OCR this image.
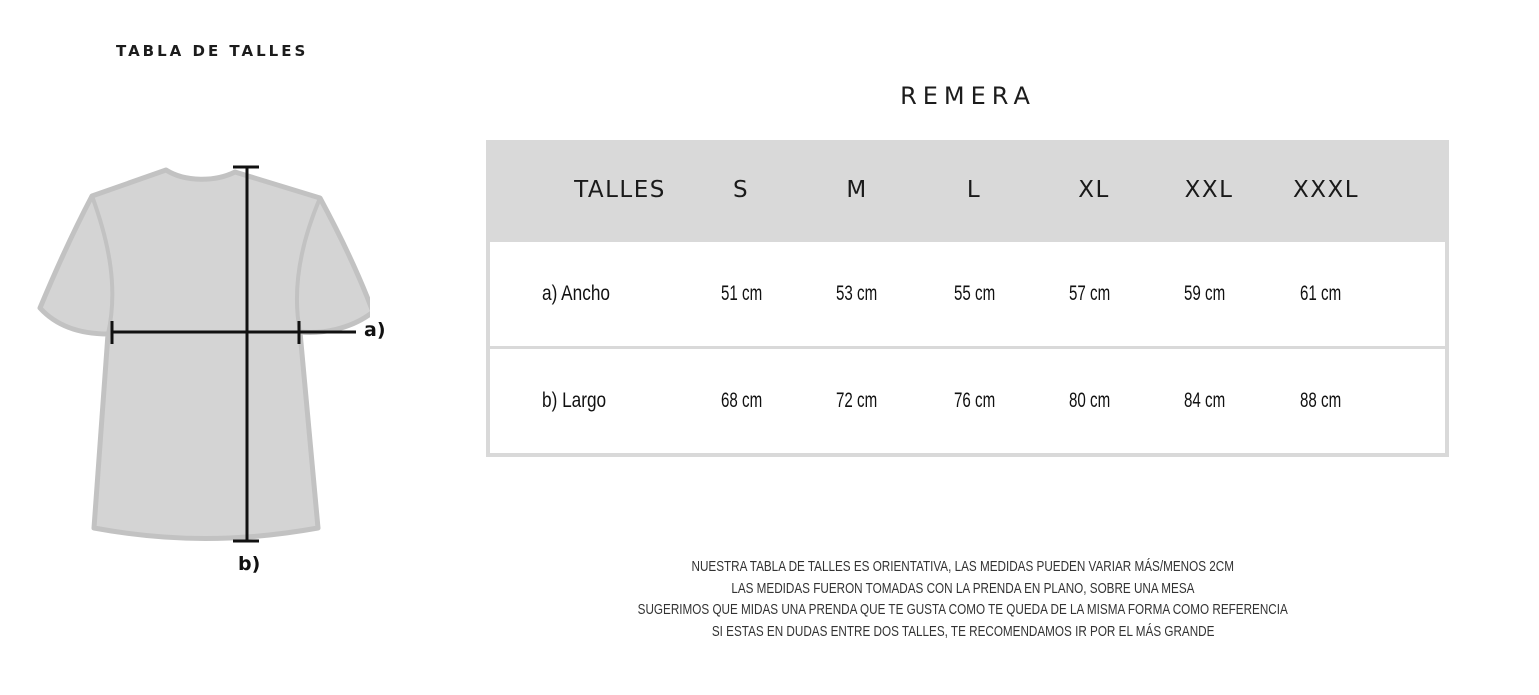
TABLA DE TALLES
a)
b)
REMERA
TALLES	S	M	L	XL	XXL	XXXL
a) Ancho	51 cm	53 cm	55 cm	57 cm	59 cm	61 cm
b) Largo	68 cm	72 cm	76 cm	80 cm	84 cm	88 cm
NUESTRA TABLA DE TALLES ES ORIENTATIVA, LAS MEDIDAS PUEDEN VARIAR MÁS/MENOS 2CM
LAS MEDIDAS FUERON TOMADAS CON LA PRENDA EN PLANO, SOBRE UNA MESA
SUGERIMOS QUE MIDAS UNA PRENDA QUE TE GUSTA COMO TE QUEDA DE LA MISMA FORMA COMO REFERENCIA
SI ESTAS EN DUDAS ENTRE DOS TALLES, TE RECOMENDAMOS IR POR EL MÁS GRANDE
